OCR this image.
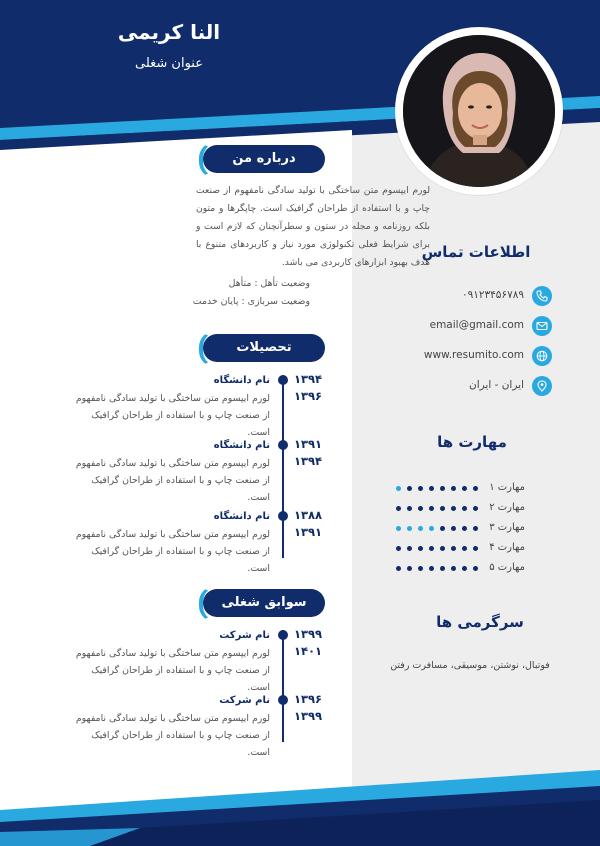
النا کریمی
عنوان شغلی
درباره من
لورم ایپسوم متن ساختگی با تولید سادگی نامفهوم از صنعت چاپ و با استفاده از طراحان گرافیک است. چاپگرها و متون بلکه روزنامه و مجله در ستون و سطرآنچنان که لازم است و برای شرایط فعلی تکنولوژی مورد نیاز و کاربردهای متنوع با هدف بهبود ابزارهای کاربردی می باشد.
وضعیت تأهل : متأهل
وضعیت سربازی : پایان خدمت
تحصیلات
۱۳۹۴
۱۳۹۶
نام دانشگاه
لورم ایپسوم متن ساختگی با تولید سادگی نامفهوم از صنعت چاپ و با استفاده از طراحان گرافیک است.
۱۳۹۱
۱۳۹۴
نام دانشگاه
لورم ایپسوم متن ساختگی با تولید سادگی نامفهوم از صنعت چاپ و با استفاده از طراحان گرافیک است.
۱۳۸۸
۱۳۹۱
نام دانشگاه
لورم ایپسوم متن ساختگی با تولید سادگی نامفهوم از صنعت چاپ و با استفاده از طراحان گرافیک است.
سوابق شغلی
۱۳۹۹
۱۴۰۱
نام شرکت
لورم ایپسوم متن ساختگی با تولید سادگی نامفهوم از صنعت چاپ و با استفاده از طراحان گرافیک است.
۱۳۹۶
۱۳۹۹
نام شرکت
لورم ایپسوم متن ساختگی با تولید سادگی نامفهوم از صنعت چاپ و با استفاده از طراحان گرافیک است.
اطلاعات تماس
۰۹۱۲۳۴۵۶۷۸۹
email@gmail.com
www.resumito.com
ایران - ایران
مهارت ها
مهارت ۱
مهارت ۲
مهارت ۳
مهارت ۴
مهارت ۵
سرگرمی ها
فوتبال، نوشتن، موسیقی، مسافرت رفتن
